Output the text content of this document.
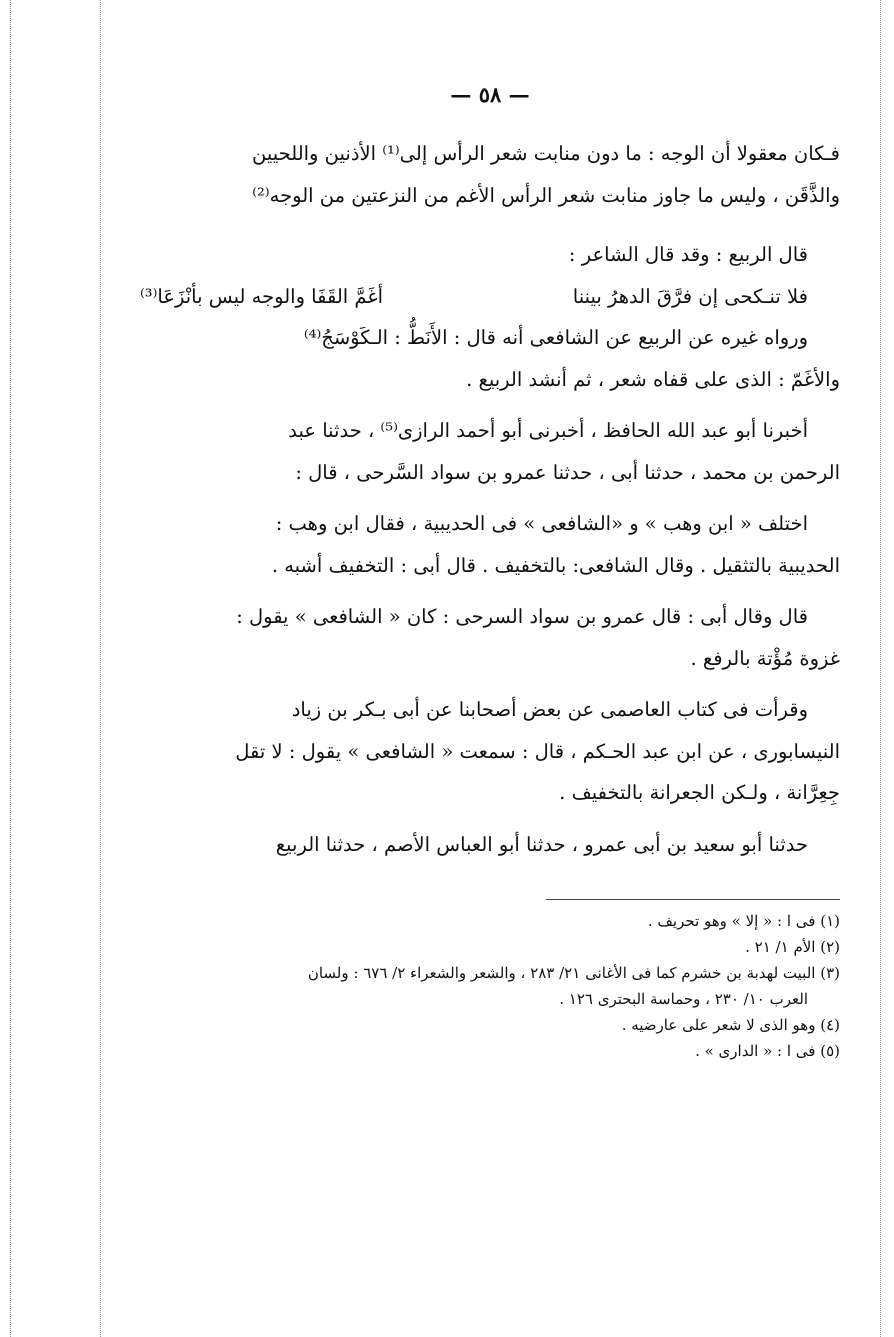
— ٥٨ —

فـكان معقولا أن الوجه : ما دون منابت شعر الرأس إلى⁽¹⁾ الأذنين واللحيين

والذَّقَن ، وليس ما جاوز منابت شعر الرأس الأغم من النزعتين من الوجه⁽²⁾

قال الربيع : وقد قال الشاعر :

فلا تنـكحى إن فرَّقَ الدهرُ بيننا
أغَمَّ القَفَا والوجه ليس بأنْزَعَا⁽³⁾

ورواه غيره عن الربيع عن الشافعى أنه قال : الأَنَطُّ : الـكَوْسَجُ⁽⁴⁾

والأغَمّ : الذى على قفاه شعر ، ثم أنشد الربيع .

أخبرنا أبو عبد الله الحافظ ، أخبرنى أبو أحمد الرازى⁽⁵⁾ ، حدثنا عبد

الرحمن بن محمد ، حدثنا أبى ، حدثنا عمرو بن سواد السَّرحى ، قال :

اختلف « ابن وهب » و «الشافعى » فى الحديبية ، فقال ابن وهب :

الحديبية بالتثقيل . وقال الشافعى: بالتخفيف . قال أبى : التخفيف أشبه .

قال وقال أبى : قال عمرو بن سواد السرحى : كان « الشافعى » يقول :

غزوة مُؤْتة بالرفع .

وقرأت فى كتاب العاصمى عن بعض أصحابنا عن أبى بـكر بن زياد

النيسابورى ، عن ابن عبد الحـكم ، قال : سمعت « الشافعى » يقول : لا تقل

جِعِرَّانة ، ولـكن الجعرانة بالتخفيف .

حدثنا أبو سعيد بن أبى عمرو ، حدثنا أبو العباس الأصم ، حدثنا الربيع

(١) فى ا : « إلا » وهو تحريف .

(٢) الأم ١/ ٢١ .

(٣) البيت لهدبة بن خشرم كما فى الأغانى ٢١/ ٢٨٣ ، والشعر والشعراء ٢/ ٦٧٦ : ولسان

العرب ١٠/ ٢٣٠ ، وحماسة البحترى ١٢٦ .

(٤) وهو الذى لا شعر على عارضيه .

(٥) فى ا : « الدارى » .
